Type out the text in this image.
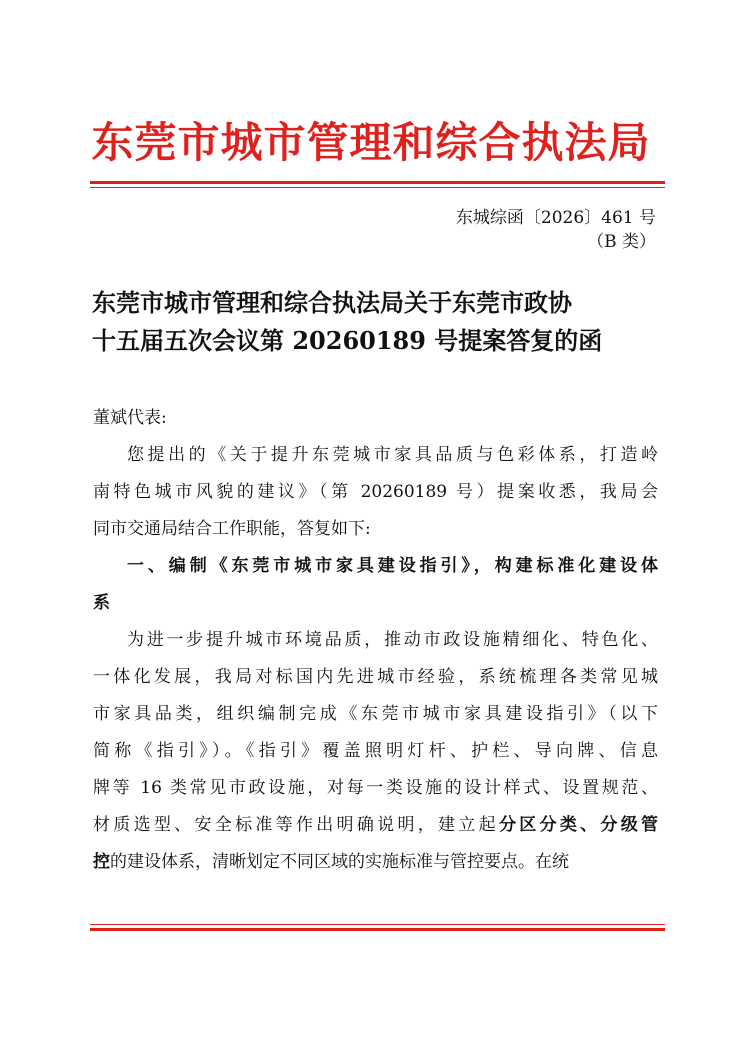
东莞市城市管理和综合执法局
东城综函〔2026〕461 号
（B 类）
东莞市城市管理和综合执法局关于东莞市政协
十五届五次会议第 20260189 号提案答复的函

董斌代表:

您提出的《关于提升东莞城市家具品质与色彩体系，打造岭
南特色城市风貌的建议》（第 20260189 号）提案收悉，我局会
同市交通局结合工作职能，答复如下:

一、编制《东莞市城市家具建设指引》，构建标准化建设体
系

为进一步提升城市环境品质，推动市政设施精细化、特色化、
一体化发展，我局对标国内先进城市经验，系统梳理各类常见城
市家具品类，组织编制完成《东莞市城市家具建设指引》（以下
简称《指引》）。《指引》覆盖照明灯杆、护栏、导向牌、信息
牌等 16 类常见市政设施，对每一类设施的设计样式、设置规范、
材质选型、安全标准等作出明确说明，建立起分区分类、分级管
控的建设体系，清晰划定不同区域的实施标准与管控要点。在统
